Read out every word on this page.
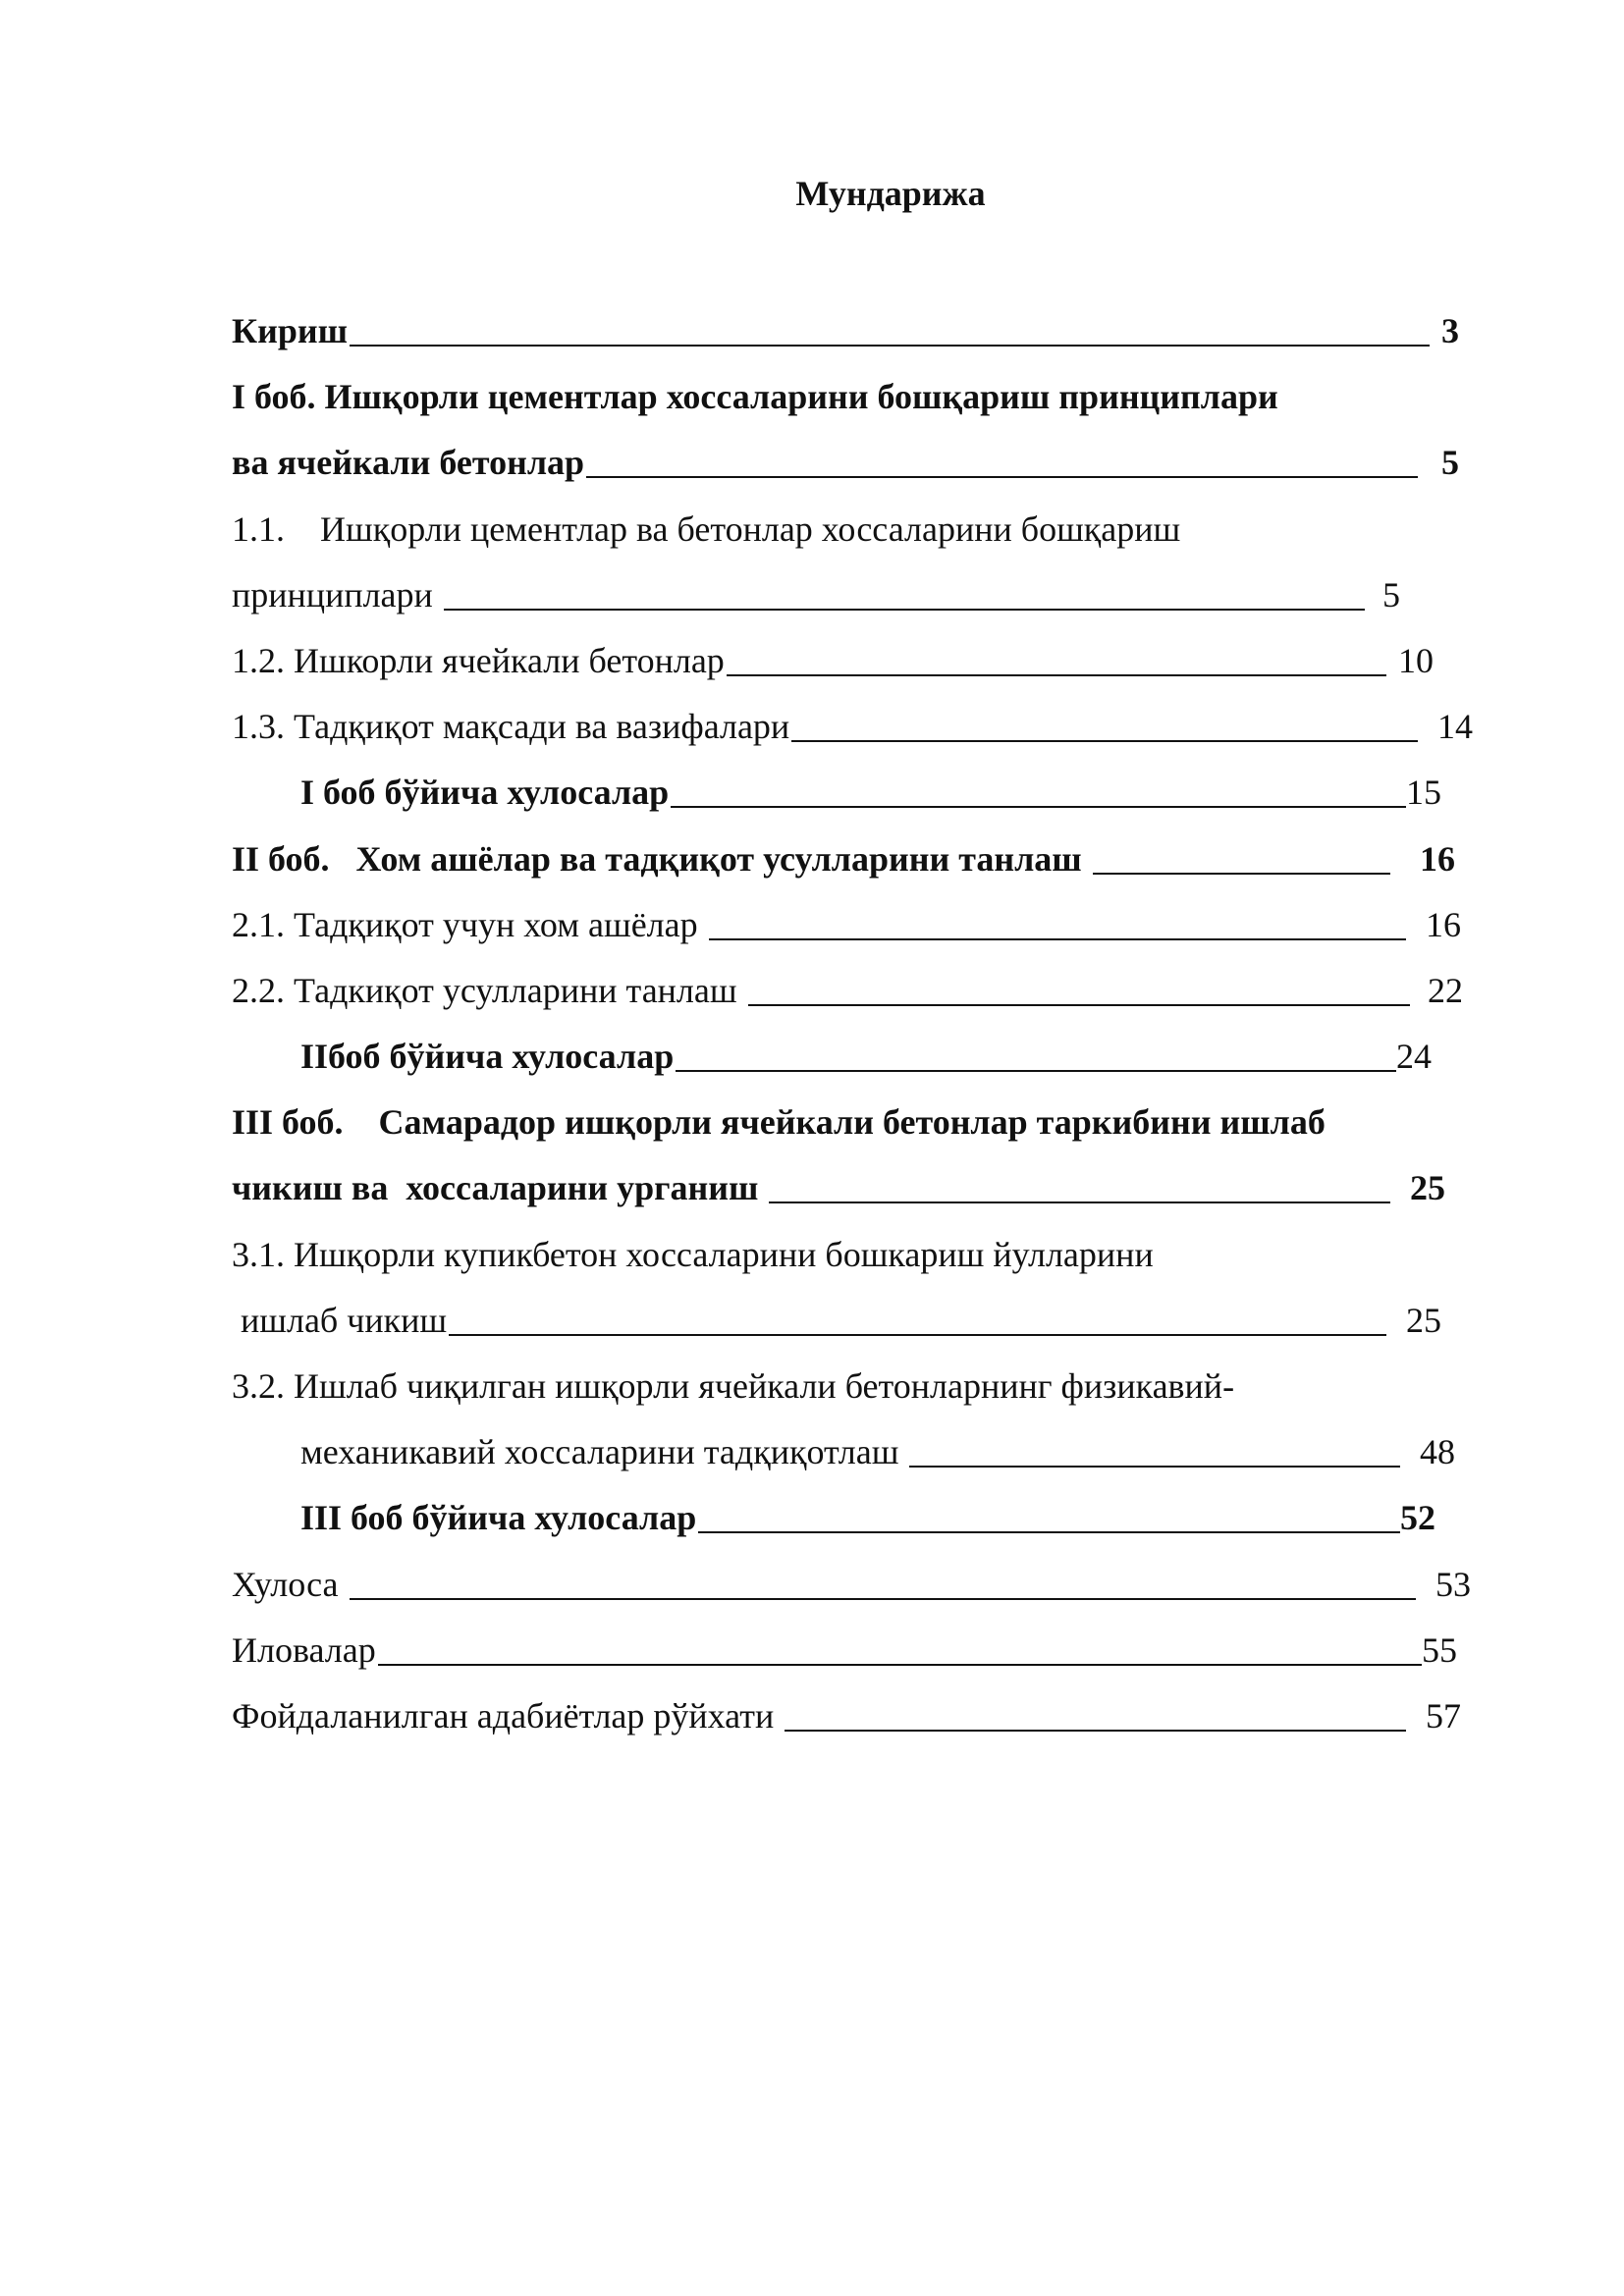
Мундарижа
Кириш	3
I боб. Ишқорли цементлар хоссаларини бошқариш принциплари
ва ячейкали бетонлар	5
1.1.    Ишқорли цементлар ва бетонлар хоссаларини бошқариш
принциплари	5
1.2. Ишкорли ячейкали бетонлар	10
1.3. Тадқиқот мақсади ва вазифалари	14
I боб бўйича хулосалар	15
II боб.   Хом ашёлар ва тадқиқот усулларини танлаш	16
2.1. Тадқиқот учун хом ашёлар	16
2.2. Тадкиқот усулларини танлаш	22
IIбоб бўйича хулосалар	24
III боб.    Самарадор ишқорли ячейкали бетонлар таркибини ишлаб
чикиш ва  хоссаларини урганиш	25
3.1. Ишқорли купикбетон хоссаларини бошкариш йулларини
ишлаб чикиш	25
3.2. Ишлаб чиқилган ишқорли ячейкали бетонларнинг физикавий-
механикавий хоссаларини тадқиқотлаш	48
III боб бўйича хулосалар	52
Хулоса	53
Иловалар	55
Фойдаланилган адабиётлар рўйхати	57
